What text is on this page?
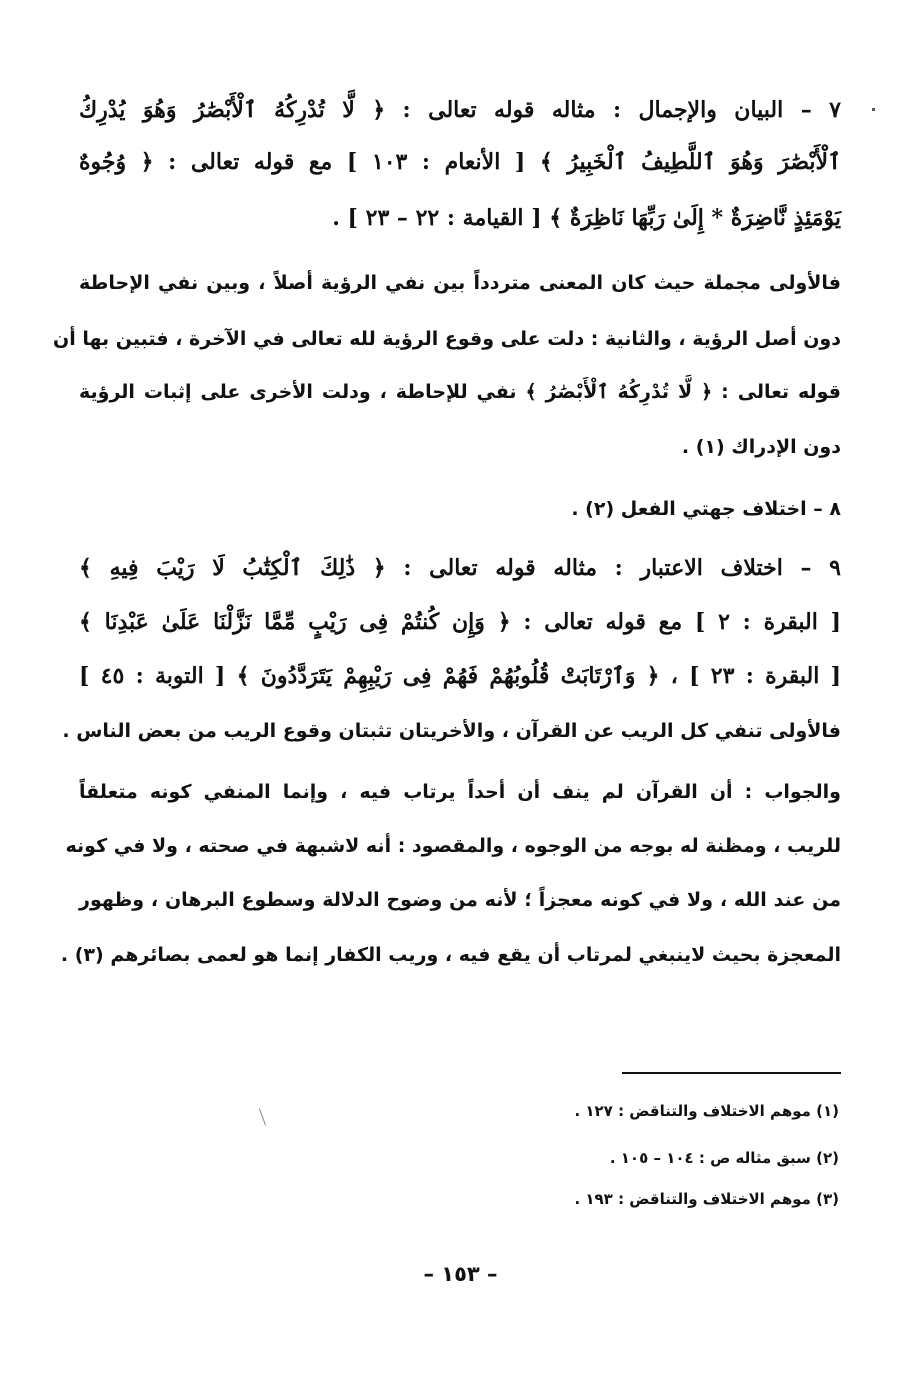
٧ – البيان والإجمال : مثاله قوله تعالى : ﴿ لَّا تُدْرِكُهُ ٱلْأَبْصَٰرُ وَهُوَ يُدْرِكُ
ٱلْأَبْصَٰرَ وَهُوَ ٱللَّطِيفُ ٱلْخَبِيرُ ﴾ [ الأنعام : ١٠٣ ] مع قوله تعالى : ﴿ وُجُوهٌ
يَوْمَئِذٍ نَّاضِرَةٌ * إِلَىٰ رَبِّهَا نَاظِرَةٌ ﴾ [ القيامة : ٢٢ – ٢٣ ] .
فالأولى مجملة حيث كان المعنى متردداً بين نفي الرؤية أصلاً ، وبين نفي الإحاطة
دون أصل الرؤية ، والثانية : دلت على وقوع الرؤية لله تعالى في الآخرة ، فتبين بها أن
قوله تعالى : ﴿ لَّا تُدْرِكُهُ ٱلْأَبْصَٰرُ ﴾ نفي للإحاطة ، ودلت الأخرى على إثبات الرؤية
دون الإدراك (١) .
٨ – اختلاف جهتي الفعل (٢) .
٩ – اختلاف الاعتبار : مثاله قوله تعالى : ﴿ ذَٰلِكَ ٱلْكِتَٰبُ لَا رَيْبَ فِيهِ ﴾
[ البقرة : ٢ ] مع قوله تعالى : ﴿ وَإِن كُنتُمْ فِى رَيْبٍ مِّمَّا نَزَّلْنَا عَلَىٰ عَبْدِنَا ﴾
[ البقرة : ٢٣ ] ، ﴿ وَٱرْتَابَتْ قُلُوبُهُمْ فَهُمْ فِى رَيْبِهِمْ يَتَرَدَّدُونَ ﴾ [ التوبة : ٤٥ ]
فالأولى تنفي كل الريب عن القرآن ، والأخريتان تثبتان وقوع الريب من بعض الناس .
والجواب : أن القرآن لم ينف أن أحداً يرتاب فيه ، وإنما المنفي كونه متعلقاً
للريب ، ومظنة له بوجه من الوجوه ، والمقصود : أنه لاشبهة في صحته ، ولا في كونه
من عند الله ، ولا في كونه معجزاً ؛ لأنه من وضوح الدلالة وسطوع البرهان ، وظهور
المعجزة بحيث لاينبغي لمرتاب أن يقع فيه ، وريب الكفار إنما هو لعمى بصائرهم (٣) .
(١) موهم الاختلاف والتناقض : ١٢٧ .
(٢) سبق مثاله ص : ١٠٤ – ١٠٥ .
(٣) موهم الاختلاف والتناقض : ١٩٣ .
– ١٥٣ –
